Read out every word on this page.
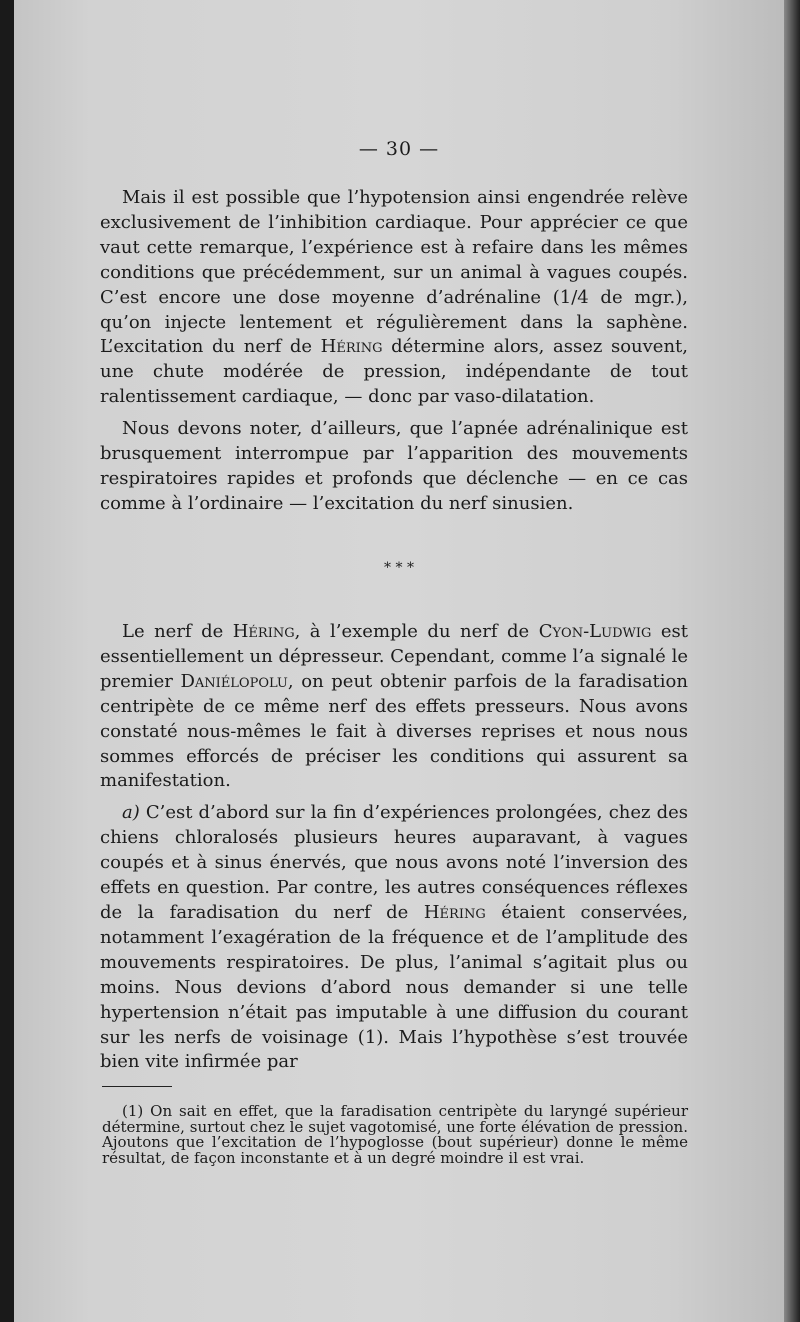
— 30 —

Mais il est possible que l’hypotension ainsi engendrée relève exclusivement de l’inhibition cardiaque. Pour apprécier ce que vaut cette remarque, l’expérience est à refaire dans les mêmes conditions que précédemment, sur un animal à vagues coupés. C’est encore une dose moyenne d’adrénaline (1/4 de mgr.), qu’on injecte lentement et régulièrement dans la saphène. L’excitation du nerf de Héring détermine alors, assez souvent, une chute modérée de pression, indépendante de tout ralentissement cardiaque, — donc par vaso-dilatation.

Nous devons noter, d’ailleurs, que l’apnée adrénalinique est brusquement interrompue par l’apparition des mouvements respiratoires rapides et profonds que déclenche — en ce cas comme à l’ordinaire — l’excitation du nerf sinusien.

* * *

Le nerf de Héring, à l’exemple du nerf de Cyon-Ludwig est essentiellement un dépresseur. Cependant, comme l’a signalé le premier Daniélopolu, on peut obtenir parfois de la faradisation centripète de ce même nerf des effets presseurs. Nous avons constaté nous-mêmes le fait à diverses reprises et nous nous sommes efforcés de préciser les conditions qui assurent sa manifestation.

a) C’est d’abord sur la fin d’expériences prolongées, chez des chiens chloralosés plusieurs heures auparavant, à vagues coupés et à sinus énervés, que nous avons noté l’inversion des effets en question. Par contre, les autres conséquences réflexes de la faradisation du nerf de Héring étaient conservées, notamment l’exagération de la fréquence et de l’amplitude des mouvements respiratoires. De plus, l’animal s’agitait plus ou moins. Nous devions d’abord nous demander si une telle hypertension n’était pas imputable à une diffusion du courant sur les nerfs de voisinage (1). Mais l’hypothèse s’est trouvée bien vite infirmée par

(1) On sait en effet, que la faradisation centripète du laryngé supérieur détermine, surtout chez le sujet vagotomisé, une forte élévation de pression. Ajoutons que l’excitation de l’hypoglosse (bout supérieur) donne le même résultat, de façon inconstante et à un degré moindre il est vrai.
